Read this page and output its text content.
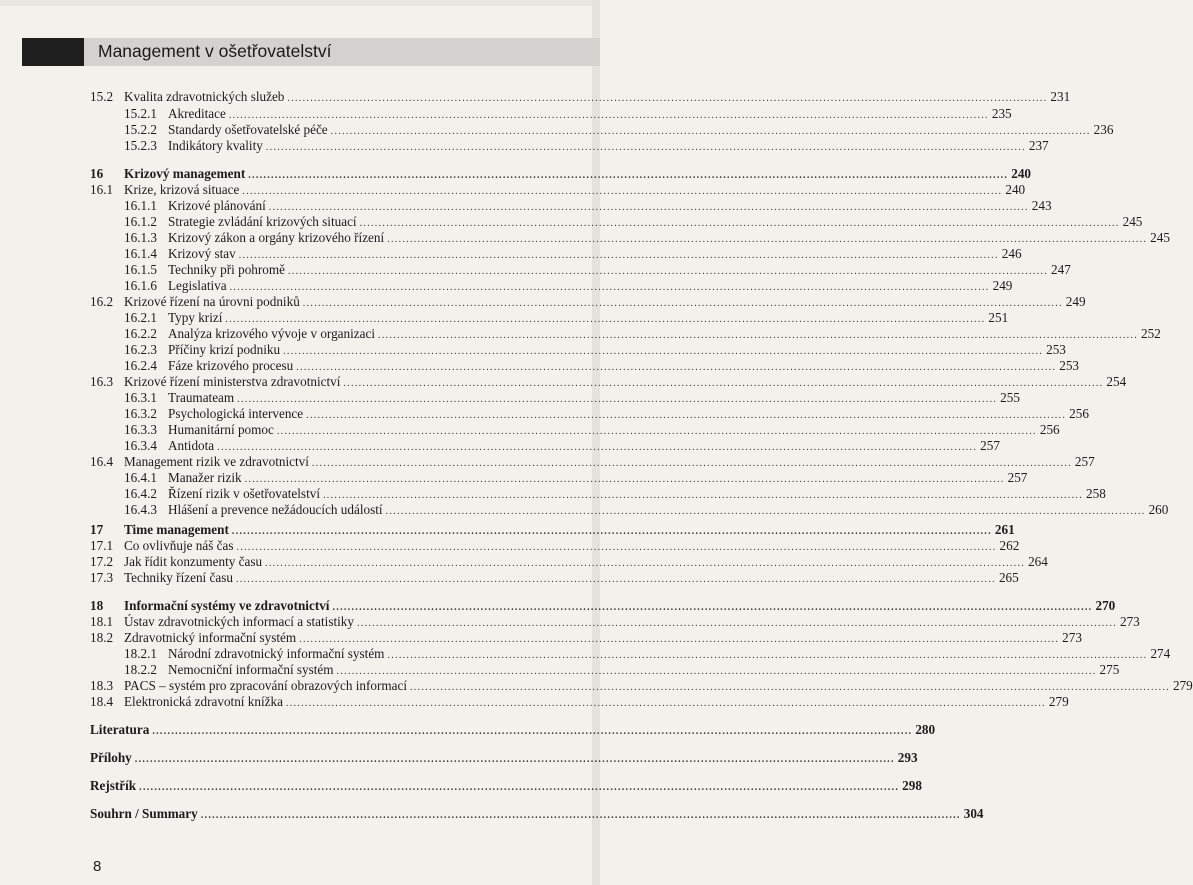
Management v ošetřovatelství
15.2 Kvalita zdravotnických služeb ........................................................................................................................................................................................................ 231
15.2.1 Akreditace ........................................................................................................................................................................................................ 235
15.2.2 Standardy ošetřovatelské péče ........................................................................................................................................................................................................ 236
15.2.3 Indikátory kvality ........................................................................................................................................................................................................ 237
16 Krizový management ........................................................................................................................................................................................................ 240
16.1 Krize, krizová situace ........................................................................................................................................................................................................ 240
16.1.1 Krizové plánování ........................................................................................................................................................................................................ 243
16.1.2 Strategie zvládání krizových situací ........................................................................................................................................................................................................ 245
16.1.3 Krizový zákon a orgány krizového řízení ........................................................................................................................................................................................................ 245
16.1.4 Krizový stav ........................................................................................................................................................................................................ 246
16.1.5 Techniky při pohromě ........................................................................................................................................................................................................ 247
16.1.6 Legislativa ........................................................................................................................................................................................................ 249
16.2 Krizové řízení na úrovni podniků ........................................................................................................................................................................................................ 249
16.2.1 Typy krizí ........................................................................................................................................................................................................ 251
16.2.2 Analýza krizového vývoje v organizaci ........................................................................................................................................................................................................ 252
16.2.3 Příčiny krizí podniku ........................................................................................................................................................................................................ 253
16.2.4 Fáze krizového procesu ........................................................................................................................................................................................................ 253
16.3 Krizové řízení ministerstva zdravotnictví ........................................................................................................................................................................................................ 254
16.3.1 Traumateam ........................................................................................................................................................................................................ 255
16.3.2 Psychologická intervence ........................................................................................................................................................................................................ 256
16.3.3 Humanitární pomoc ........................................................................................................................................................................................................ 256
16.3.4 Antidota ........................................................................................................................................................................................................ 257
16.4 Management rizik ve zdravotnictví ........................................................................................................................................................................................................ 257
16.4.1 Manažer rizik ........................................................................................................................................................................................................ 257
16.4.2 Řízení rizik v ošetřovatelství ........................................................................................................................................................................................................ 258
16.4.3 Hlášení a prevence nežádoucích událostí ........................................................................................................................................................................................................ 260
17 Time management ........................................................................................................................................................................................................ 261
17.1 Co ovlivňuje náš čas ........................................................................................................................................................................................................ 262
17.2 Jak řídit konzumenty času ........................................................................................................................................................................................................ 264
17.3 Techniky řízení času ........................................................................................................................................................................................................ 265
18 Informační systémy ve zdravotnictví ........................................................................................................................................................................................................ 270
18.1 Ústav zdravotnických informací a statistiky ........................................................................................................................................................................................................ 273
18.2 Zdravotnický informační systém ........................................................................................................................................................................................................ 273
18.2.1 Národní zdravotnický informační systém ........................................................................................................................................................................................................ 274
18.2.2 Nemocniční informační systém ........................................................................................................................................................................................................ 275
18.3 PACS – systém pro zpracování obrazových informací ........................................................................................................................................................................................................ 279
18.4 Elektronická zdravotní knížka ........................................................................................................................................................................................................ 279
Literatura ........................................................................................................................................................................................................ 280
Přílohy ........................................................................................................................................................................................................ 293
Rejstřík ........................................................................................................................................................................................................ 298
Souhrn / Summary ........................................................................................................................................................................................................ 304
8
